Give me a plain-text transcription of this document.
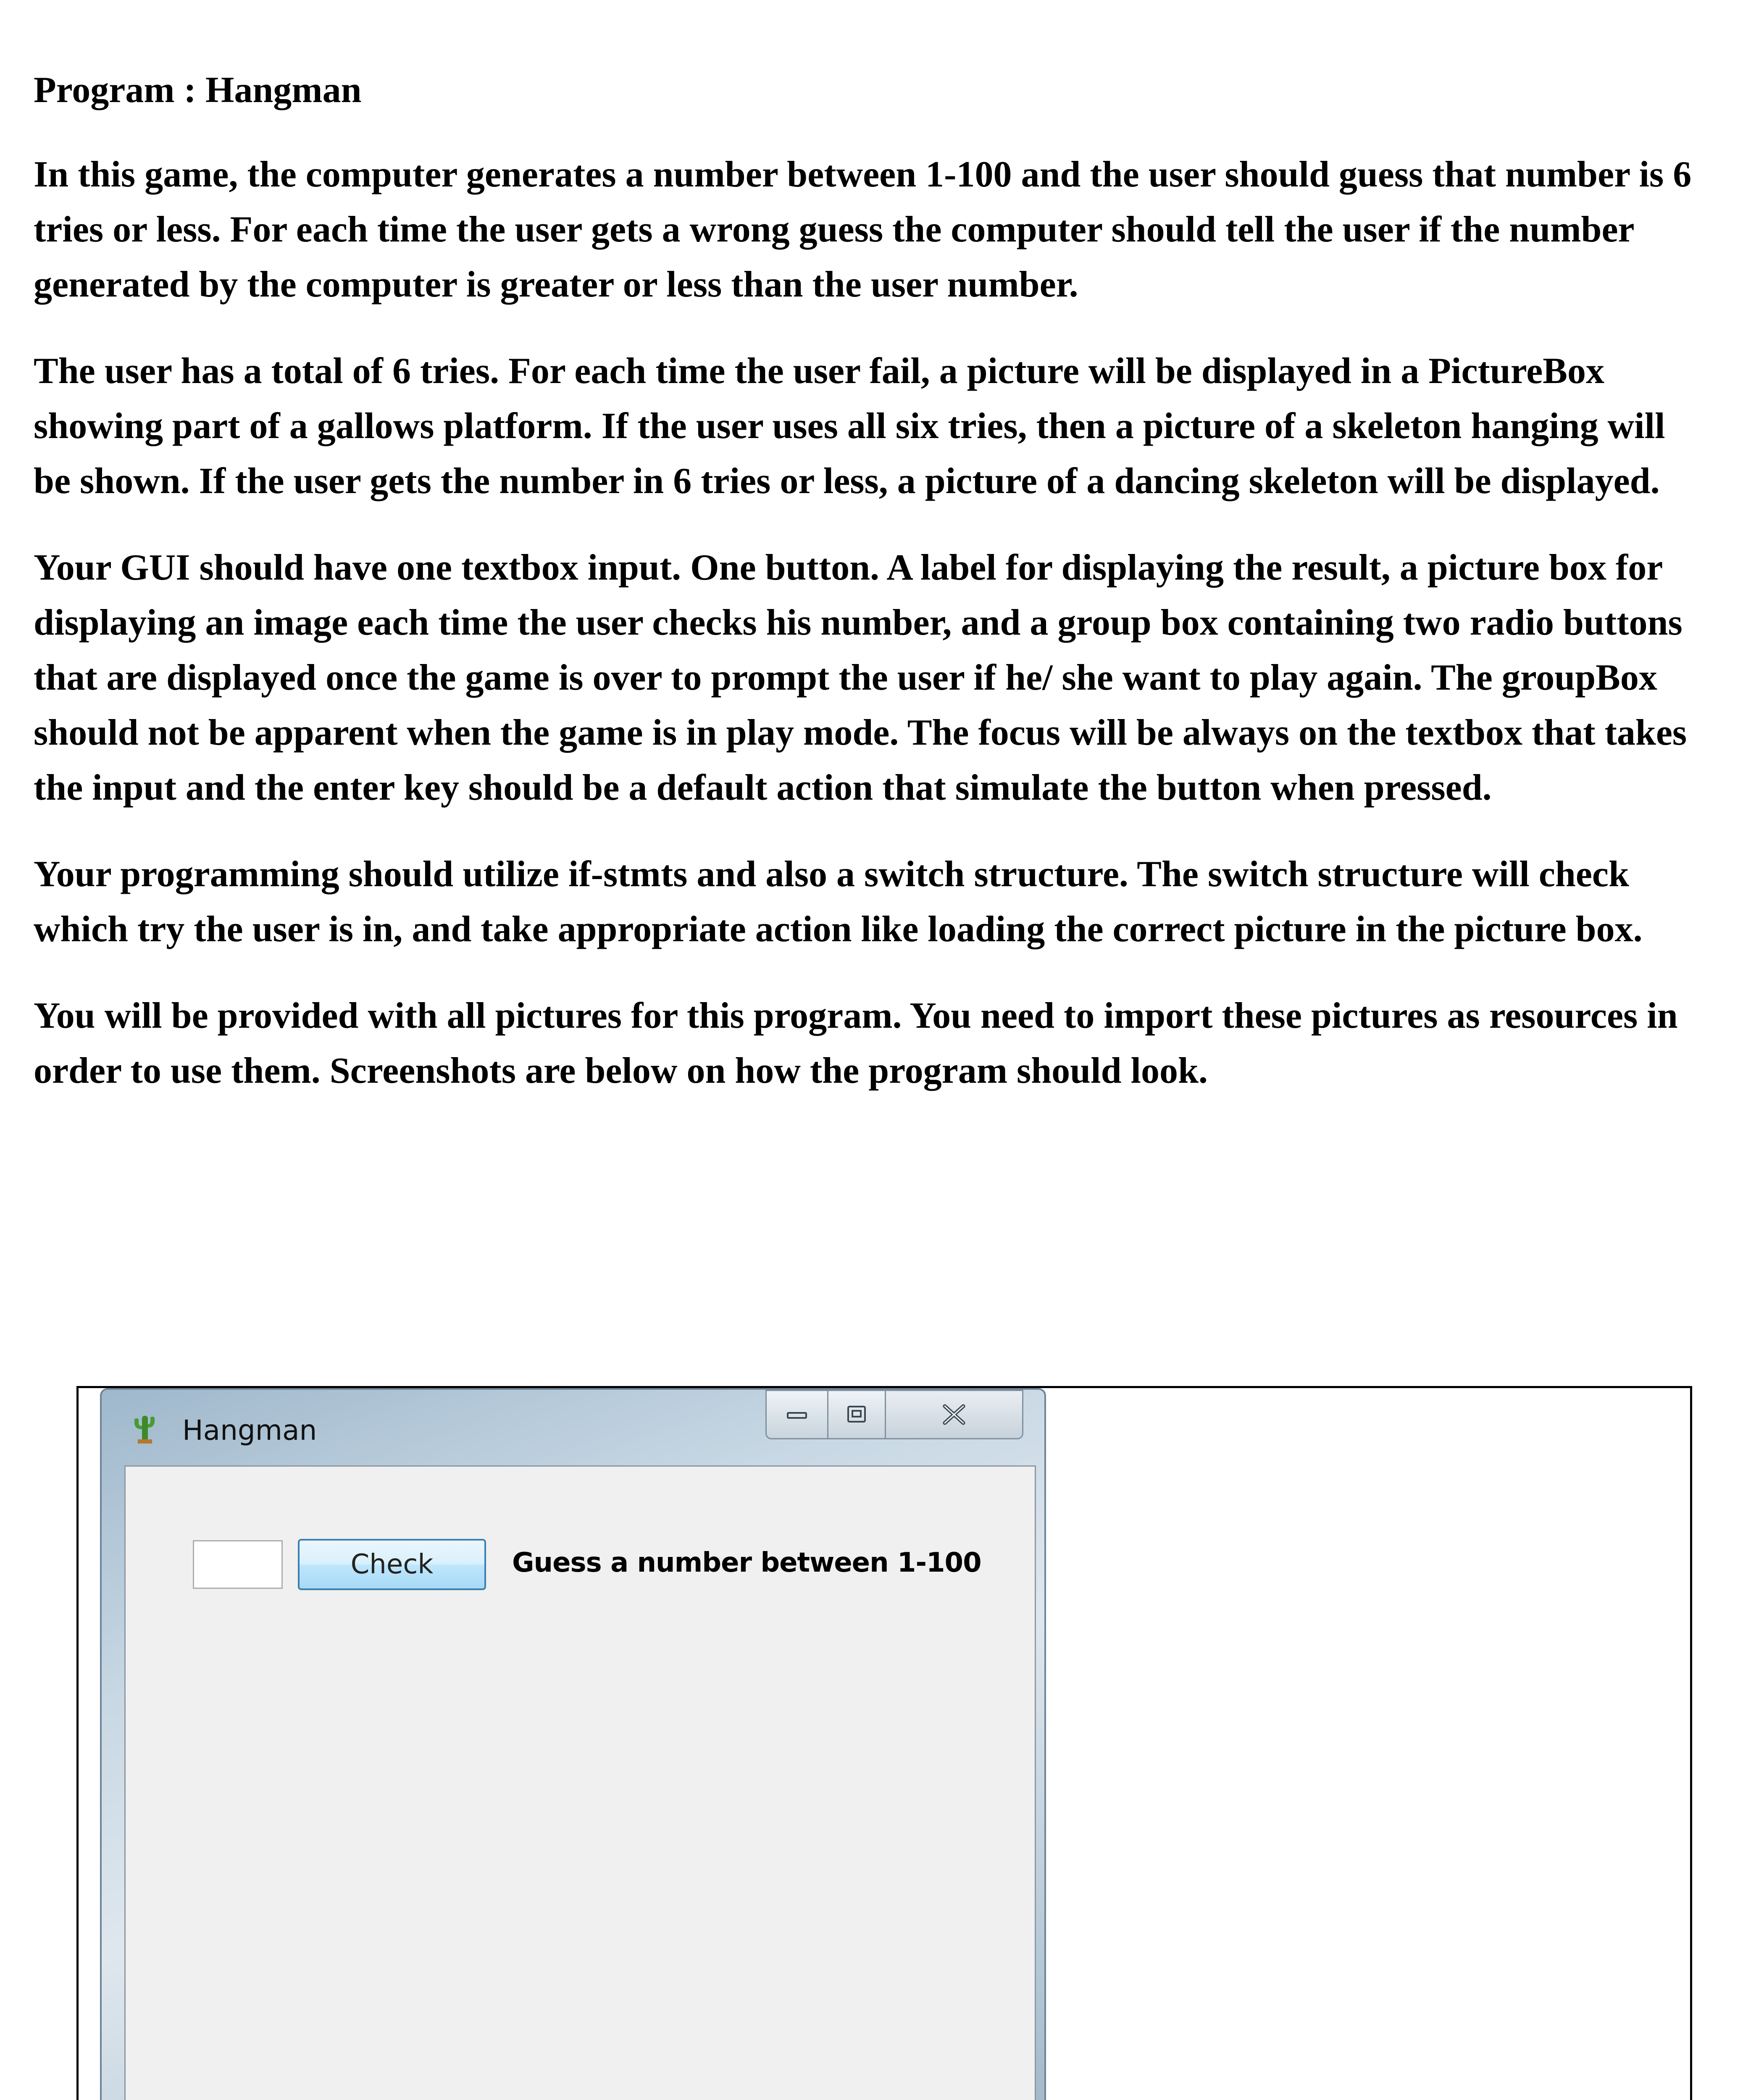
Program : Hangman
In this game, the computer generates a number between 1-100 and the user should guess that number is 6 tries or less. For each time the user gets a wrong guess the computer should tell the user if the number generated by the computer is greater or less than the user number.
The user has a total of 6 tries. For each time the user fail, a picture will be displayed in a PictureBox showing part of a gallows platform. If the user uses all six tries, then a picture of a skeleton hanging will be shown. If the user gets the number in 6 tries or less, a picture of a dancing skeleton will be displayed.
Your GUI should have one textbox input. One button. A label for displaying the result, a picture box for displaying an image each time the user checks his number, and a group box containing two radio buttons that are displayed once the game is over to prompt the user if he/ she want to play again. The groupBox should not be apparent when the game is in play mode. The focus will be always on the textbox that takes the input and the enter key should be a default action that simulate the button when pressed.
Your programming should utilize if-stmts and also a switch structure. The switch structure will check which try the user is in, and take appropriate action like loading the correct picture in the picture box.
You will be provided with all pictures for this program. You need to import these pictures as resources in order to use them. Screenshots are below on how the program should look.
Hangman
Check	Guess a number between 1-100
